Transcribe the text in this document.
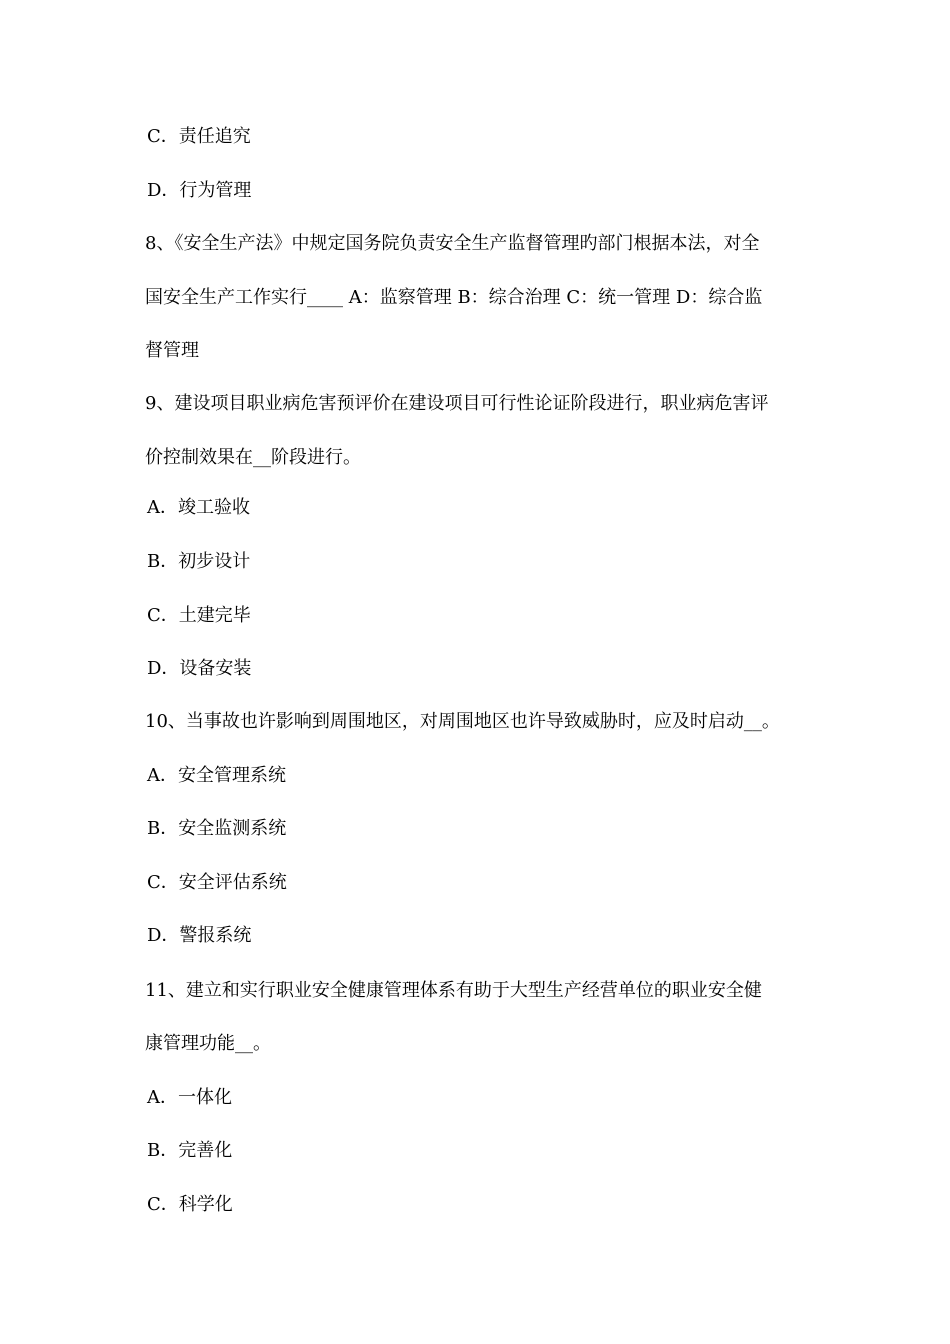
C．责任追究
D．行为管理
8、《安全生产法》中规定国务院负责安全生产监督管理旳部门根据本法，对全
国安全生产工作实行____ A：监察管理 B：综合治理 C：统一管理 D：综合监
督管理
9、建设项目职业病危害预评价在建设项目可行性论证阶段进行，职业病危害评
价控制效果在__阶段进行。
A．竣工验收
B．初步设计
C．土建完毕
D．设备安装
10、当事故也许影响到周围地区，对周围地区也许导致威胁时，应及时启动__。
A．安全管理系统
B．安全监测系统
C．安全评估系统
D．警报系统
11、建立和实行职业安全健康管理体系有助于大型生产经营单位的职业安全健
康管理功能__。
A．一体化
B．完善化
C．科学化
